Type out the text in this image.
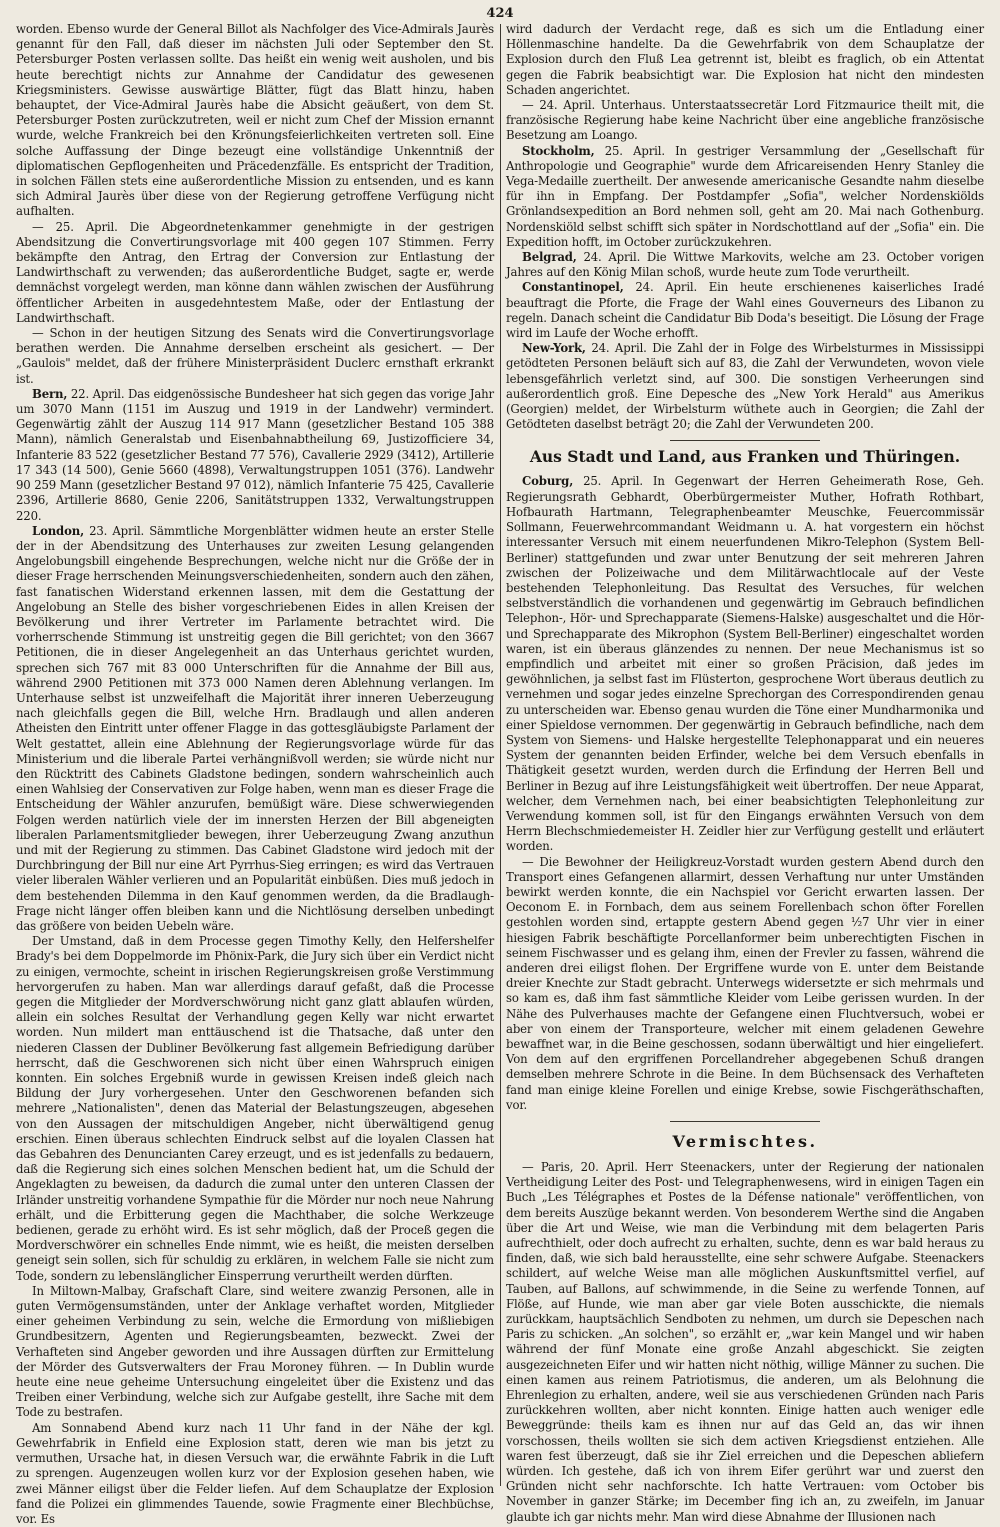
424

worden. Ebenso wurde der General Billot als Nachfolger des Vice-Admirals Jaurès genannt für den Fall, daß dieser im nächsten Juli oder September den St. Petersburger Posten verlassen sollte. Das heißt ein wenig weit ausholen, und bis heute berechtigt nichts zur Annahme der Candidatur des gewesenen Kriegsministers. Gewisse auswärtige Blätter, fügt das Blatt hinzu, haben behauptet, der Vice-Admiral Jaurès habe die Absicht geäußert, von dem St. Petersburger Posten zurückzutreten, weil er nicht zum Chef der Mission ernannt wurde, welche Frankreich bei den Krönungsfeierlichkeiten vertreten soll. Eine solche Auffassung der Dinge bezeugt eine vollständige Unkenntniß der diplomatischen Gepflogenheiten und Präcedenzfälle. Es entspricht der Tradition, in solchen Fällen stets eine außerordentliche Mission zu entsenden, und es kann sich Admiral Jaurès über diese von der Regierung getroffene Verfügung nicht aufhalten.

— 25. April. Die Abgeordnetenkammer genehmigte in der gestrigen Abendsitzung die Convertirungsvorlage mit 400 gegen 107 Stimmen. Ferry bekämpfte den Antrag, den Ertrag der Conversion zur Entlastung der Landwirthschaft zu verwenden; das außerordentliche Budget, sagte er, werde demnächst vorgelegt werden, man könne dann wählen zwischen der Ausführung öffentlicher Arbeiten in ausgedehntestem Maße, oder der Entlastung der Landwirthschaft.

— Schon in der heutigen Sitzung des Senats wird die Convertirungsvorlage berathen werden. Die Annahme derselben erscheint als gesichert. — Der „Gaulois" meldet, daß der frühere Ministerpräsident Duclerc ernsthaft erkrankt ist.

Bern, 22. April. Das eidgenössische Bundesheer hat sich gegen das vorige Jahr um 3070 Mann (1151 im Auszug und 1919 in der Landwehr) vermindert. Gegenwärtig zählt der Auszug 114 917 Mann (gesetzlicher Bestand 105 388 Mann), nämlich Generalstab und Eisenbahnabtheilung 69, Justizofficiere 34, Infanterie 83 522 (gesetzlicher Bestand 77 576), Cavallerie 2929 (3412), Artillerie 17 343 (14 500), Genie 5660 (4898), Verwaltungstruppen 1051 (376). Landwehr 90 259 Mann (gesetzlicher Bestand 97 012), nämlich Infanterie 75 425, Cavallerie 2396, Artillerie 8680, Genie 2206, Sanitätstruppen 1332, Verwaltungstruppen 220.

London, 23. April. Sämmtliche Morgenblätter widmen heute an erster Stelle der in der Abendsitzung des Unterhauses zur zweiten Lesung gelangenden Angelobungsbill eingehende Besprechungen, welche nicht nur die Größe der in dieser Frage herrschenden Meinungsverschiedenheiten, sondern auch den zähen, fast fanatischen Widerstand erkennen lassen, mit dem die Gestattung der Angelobung an Stelle des bisher vorgeschriebenen Eides in allen Kreisen der Bevölkerung und ihrer Vertreter im Parlamente betrachtet wird. Die vorherrschende Stimmung ist unstreitig gegen die Bill gerichtet; von den 3667 Petitionen, die in dieser Angelegenheit an das Unterhaus gerichtet wurden, sprechen sich 767 mit 83 000 Unterschriften für die Annahme der Bill aus, während 2900 Petitionen mit 373 000 Namen deren Ablehnung verlangen. Im Unterhause selbst ist unzweifelhaft die Majorität ihrer inneren Ueberzeugung nach gleichfalls gegen die Bill, welche Hrn. Bradlaugh und allen anderen Atheisten den Eintritt unter offener Flagge in das gottesgläubigste Parlament der Welt gestattet, allein eine Ablehnung der Regierungsvorlage würde für das Ministerium und die liberale Partei verhängnißvoll werden; sie würde nicht nur den Rücktritt des Cabinets Gladstone bedingen, sondern wahrscheinlich auch einen Wahlsieg der Conservativen zur Folge haben, wenn man es dieser Frage die Entscheidung der Wähler anzurufen, bemüßigt wäre. Diese schwerwiegenden Folgen werden natürlich viele der im innersten Herzen der Bill abgeneigten liberalen Parlamentsmitglieder bewegen, ihrer Ueberzeugung Zwang anzuthun und mit der Regierung zu stimmen. Das Cabinet Gladstone wird jedoch mit der Durchbringung der Bill nur eine Art Pyrrhus-Sieg erringen; es wird das Vertrauen vieler liberalen Wähler verlieren und an Popularität einbüßen. Dies muß jedoch in dem bestehenden Dilemma in den Kauf genommen werden, da die Bradlaugh-Frage nicht länger offen bleiben kann und die Nichtlösung derselben unbedingt das größere von beiden Uebeln wäre.

Der Umstand, daß in dem Processe gegen Timothy Kelly, den Helfershelfer Brady's bei dem Doppelmorde im Phönix-Park, die Jury sich über ein Verdict nicht zu einigen, vermochte, scheint in irischen Regierungskreisen große Verstimmung hervorgerufen zu haben. Man war allerdings darauf gefaßt, daß die Processe gegen die Mitglieder der Mordverschwörung nicht ganz glatt ablaufen würden, allein ein solches Resultat der Verhandlung gegen Kelly war nicht erwartet worden. Nun mildert man enttäuschend ist die Thatsache, daß unter den niederen Classen der Dubliner Bevölkerung fast allgemein Befriedigung darüber herrscht, daß die Geschworenen sich nicht über einen Wahrspruch einigen konnten. Ein solches Ergebniß wurde in gewissen Kreisen indeß gleich nach Bildung der Jury vorhergesehen. Unter den Geschworenen befanden sich mehrere „Nationalisten", denen das Material der Belastungszeugen, abgesehen von den Aussagen der mitschuldigen Angeber, nicht überwältigend genug erschien. Einen überaus schlechten Eindruck selbst auf die loyalen Classen hat das Gebahren des Denuncianten Carey erzeugt, und es ist jedenfalls zu bedauern, daß die Regierung sich eines solchen Menschen bedient hat, um die Schuld der Angeklagten zu beweisen, da dadurch die zumal unter den unteren Classen der Irländer unstreitig vorhandene Sympathie für die Mörder nur noch neue Nahrung erhält, und die Erbitterung gegen die Machthaber, die solche Werkzeuge bedienen, gerade zu erhöht wird. Es ist sehr möglich, daß der Proceß gegen die Mordverschwörer ein schnelles Ende nimmt, wie es heißt, die meisten derselben geneigt sein sollen, sich für schuldig zu erklären, in welchem Falle sie nicht zum Tode, sondern zu lebenslänglicher Einsperrung verurtheilt werden dürften.

In Miltown-Malbay, Grafschaft Clare, sind weitere zwanzig Personen, alle in guten Vermögensumständen, unter der Anklage verhaftet worden, Mitglieder einer geheimen Verbindung zu sein, welche die Ermordung von mißliebigen Grundbesitzern, Agenten und Regierungsbeamten, bezweckt. Zwei der Verhafteten sind Angeber geworden und ihre Aussagen dürften zur Ermittelung der Mörder des Gutsverwalters der Frau Moroney führen. — In Dublin wurde heute eine neue geheime Untersuchung eingeleitet über die Existenz und das Treiben einer Verbindung, welche sich zur Aufgabe gestellt, ihre Sache mit dem Tode zu bestrafen.

Am Sonnabend Abend kurz nach 11 Uhr fand in der Nähe der kgl. Gewehrfabrik in Enfield eine Explosion statt, deren wie man bis jetzt zu vermuthen, Ursache hat, in diesen Versuch war, die erwähnte Fabrik in die Luft zu sprengen. Augenzeugen wollen kurz vor der Explosion gesehen haben, wie zwei Männer eiligst über die Felder liefen. Auf dem Schauplatze der Explosion fand die Polizei ein glimmendes Tauende, sowie Fragmente einer Blechbüchse, vor. Es

wird dadurch der Verdacht rege, daß es sich um die Entladung einer Höllenmaschine handelte. Da die Gewehrfabrik von dem Schauplatze der Explosion durch den Fluß Lea getrennt ist, bleibt es fraglich, ob ein Attentat gegen die Fabrik beabsichtigt war. Die Explosion hat nicht den mindesten Schaden angerichtet.

— 24. April. Unterhaus. Unterstaatssecretär Lord Fitzmaurice theilt mit, die französische Regierung habe keine Nachricht über eine angebliche französische Besetzung am Loango.

Stockholm, 25. April. In gestriger Versammlung der „Gesellschaft für Anthropologie und Geographie" wurde dem Africareisenden Henry Stanley die Vega-Medaille zuertheilt. Der anwesende americanische Gesandte nahm dieselbe für ihn in Empfang. Der Postdampfer „Sofia", welcher Nordenskiölds Grönlandsexpedition an Bord nehmen soll, geht am 20. Mai nach Gothenburg. Nordenskiöld selbst schifft sich später in Nordschottland auf der „Sofia" ein. Die Expedition hofft, im October zurückzukehren.

Belgrad, 24. April. Die Wittwe Markovits, welche am 23. October vorigen Jahres auf den König Milan schoß, wurde heute zum Tode verurtheilt.

Constantinopel, 24. April. Ein heute erschienenes kaiserliches Iradé beauftragt die Pforte, die Frage der Wahl eines Gouverneurs des Libanon zu regeln. Danach scheint die Candidatur Bib Doda's beseitigt. Die Lösung der Frage wird im Laufe der Woche erhofft.

New-York, 24. April. Die Zahl der in Folge des Wirbelsturmes in Mississippi getödteten Personen beläuft sich auf 83, die Zahl der Verwundeten, wovon viele lebensgefährlich verletzt sind, auf 300. Die sonstigen Verheerungen sind außerordentlich groß. Eine Depesche des „New York Herald" aus Amerikus (Georgien) meldet, der Wirbelsturm wüthete auch in Georgien; die Zahl der Getödteten daselbst beträgt 20; die Zahl der Verwundeten 200.

Aus Stadt und Land, aus Franken und Thüringen.

Coburg, 25. April. In Gegenwart der Herren Geheimerath Rose, Geh. Regierungsrath Gebhardt, Oberbürgermeister Muther, Hofrath Rothbart, Hofbaurath Hartmann, Telegraphenbeamter Meuschke, Feuercommissär Sollmann, Feuerwehrcommandant Weidmann u. A. hat vorgestern ein höchst interessanter Versuch mit einem neuerfundenen Mikro-Telephon (System Bell-Berliner) stattgefunden und zwar unter Benutzung der seit mehreren Jahren zwischen der Polizeiwache und dem Militärwachtlocale auf der Veste bestehenden Telephonleitung. Das Resultat des Versuches, für welchen selbstverständlich die vorhandenen und gegenwärtig im Gebrauch befindlichen Telephon-, Hör- und Sprechapparate (Siemens-Halske) ausgeschaltet und die Hör- und Sprechapparate des Mikrophon (System Bell-Berliner) eingeschaltet worden waren, ist ein überaus glänzendes zu nennen. Der neue Mechanismus ist so empfindlich und arbeitet mit einer so großen Präcision, daß jedes im gewöhnlichen, ja selbst fast im Flüsterton, gesprochene Wort überaus deutlich zu vernehmen und sogar jedes einzelne Sprechorgan des Correspondirenden genau zu unterscheiden war. Ebenso genau wurden die Töne einer Mundharmonika und einer Spieldose vernommen. Der gegenwärtig in Gebrauch befindliche, nach dem System von Siemens- und Halske hergestellte Telephonapparat und ein neueres System der genannten beiden Erfinder, welche bei dem Versuch ebenfalls in Thätigkeit gesetzt wurden, werden durch die Erfindung der Herren Bell und Berliner in Bezug auf ihre Leistungsfähigkeit weit übertroffen. Der neue Apparat, welcher, dem Vernehmen nach, bei einer beabsichtigten Telephonleitung zur Verwendung kommen soll, ist für den Eingangs erwähnten Versuch von dem Herrn Blechschmiedemeister H. Zeidler hier zur Verfügung gestellt und erläutert worden.

— Die Bewohner der Heiligkreuz-Vorstadt wurden gestern Abend durch den Transport eines Gefangenen allarmirt, dessen Verhaftung nur unter Umständen bewirkt werden konnte, die ein Nachspiel vor Gericht erwarten lassen. Der Oeconom E. in Fornbach, dem aus seinem Forellenbach schon öfter Forellen gestohlen worden sind, ertappte gestern Abend gegen ½7 Uhr vier in einer hiesigen Fabrik beschäftigte Porcellanformer beim unberechtigten Fischen in seinem Fischwasser und es gelang ihm, einen der Frevler zu fassen, während die anderen drei eiligst flohen. Der Ergriffene wurde von E. unter dem Beistande dreier Knechte zur Stadt gebracht. Unterwegs widersetzte er sich mehrmals und so kam es, daß ihm fast sämmtliche Kleider vom Leibe gerissen wurden. In der Nähe des Pulverhauses machte der Gefangene einen Fluchtversuch, wobei er aber von einem der Transporteure, welcher mit einem geladenen Gewehre bewaffnet war, in die Beine geschossen, sodann überwältigt und hier eingeliefert. Von dem auf den ergriffenen Porcellandreher abgegebenen Schuß drangen demselben mehrere Schrote in die Beine. In dem Büchsensack des Verhafteten fand man einige kleine Forellen und einige Krebse, sowie Fischgeräthschaften, vor.

Vermischtes.

— Paris, 20. April. Herr Steenackers, unter der Regierung der nationalen Vertheidigung Leiter des Post- und Telegraphenwesens, wird in einigen Tagen ein Buch „Les Télégraphes et Postes de la Défense nationale" veröffentlichen, von dem bereits Auszüge bekannt werden. Von besonderem Werthe sind die Angaben über die Art und Weise, wie man die Verbindung mit dem belagerten Paris aufrechthielt, oder doch aufrecht zu erhalten, suchte, denn es war bald heraus zu finden, daß, wie sich bald herausstellte, eine sehr schwere Aufgabe. Steenackers schildert, auf welche Weise man alle möglichen Auskunftsmittel verfiel, auf Tauben, auf Ballons, auf schwimmende, in die Seine zu werfende Tonnen, auf Flöße, auf Hunde, wie man aber gar viele Boten ausschickte, die niemals zurückkam, hauptsächlich Sendboten zu nehmen, um durch sie Depeschen nach Paris zu schicken. „An solchen", so erzählt er, „war kein Mangel und wir haben während der fünf Monate eine große Anzahl abgeschickt. Sie zeigten ausgezeichneten Eifer und wir hatten nicht nöthig, willige Männer zu suchen. Die einen kamen aus reinem Patriotismus, die anderen, um als Belohnung die Ehrenlegion zu erhalten, andere, weil sie aus verschiedenen Gründen nach Paris zurückkehren wollten, aber nicht konnten. Einige hatten auch weniger edle Beweggründe: theils kam es ihnen nur auf das Geld an, das wir ihnen vorschossen, theils wollten sie sich dem activen Kriegsdienst entziehen. Alle waren fest überzeugt, daß sie ihr Ziel erreichen und die Depeschen abliefern würden. Ich gestehe, daß ich von ihrem Eifer gerührt war und zuerst den Gründen nicht sehr nachforschte. Ich hatte Vertrauen: vom October bis November in ganzer Stärke; im December fing ich an, zu zweifeln, im Januar glaubte ich gar nichts mehr. Man wird diese Abnahme der Illusionen nach
